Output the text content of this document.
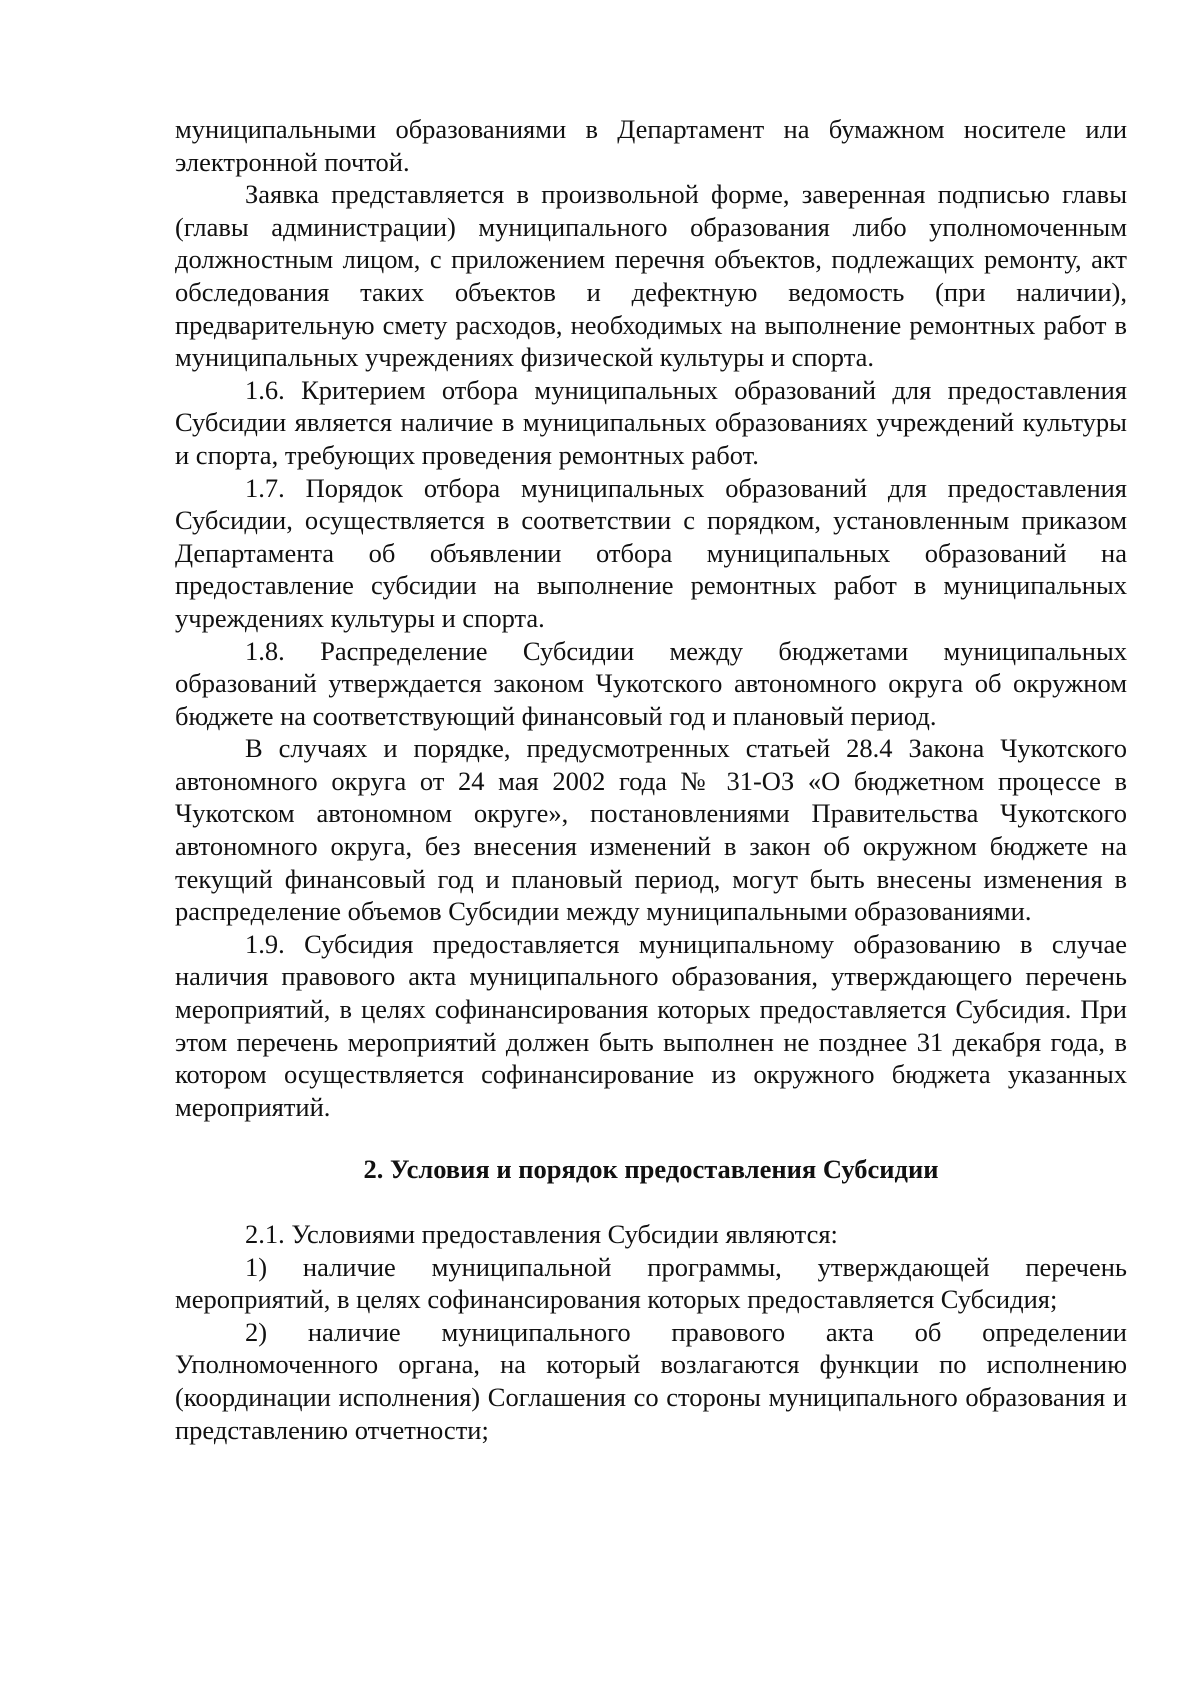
муниципальными образованиями в Департамент на бумажном носителе или электронной почтой.

Заявка представляется в произвольной форме, заверенная подписью главы (главы администрации) муниципального образования либо уполномоченным должностным лицом, с приложением перечня объектов, подлежащих ремонту, акт обследования таких объектов и дефектную ведомость (при наличии), предварительную смету расходов, необходимых на выполнение ремонтных работ в муниципальных учреждениях физической культуры и спорта.

1.6. Критерием отбора муниципальных образований для предоставления Субсидии является наличие в муниципальных образованиях учреждений культуры и спорта, требующих проведения ремонтных работ.

1.7. Порядок отбора муниципальных образований для предоставления Субсидии, осуществляется в соответствии с порядком, установленным приказом Департамента об объявлении отбора муниципальных образований на предоставление субсидии на выполнение ремонтных работ в муниципальных учреждениях культуры и спорта.

1.8. Распределение Субсидии между бюджетами муниципальных образований утверждается законом Чукотского автономного округа об окружном бюджете на соответствующий финансовый год и плановый период.

В случаях и порядке, предусмотренных статьей 28.4 Закона Чукотского автономного округа от 24 мая 2002 года № 31-ОЗ «О бюджетном процессе в Чукотском автономном округе», постановлениями Правительства Чукотского автономного округа, без внесения изменений в закон об окружном бюджете на текущий финансовый год и плановый период, могут быть внесены изменения в распределение объемов Субсидии между муниципальными образованиями.

1.9. Субсидия предоставляется муниципальному образованию в случае наличия правового акта муниципального образования, утверждающего перечень мероприятий, в целях софинансирования которых предоставляется Субсидия. При этом перечень мероприятий должен быть выполнен не позднее 31 декабря года, в котором осуществляется софинансирование из окружного бюджета указанных мероприятий.

2. Условия и порядок предоставления Субсидии

2.1. Условиями предоставления Субсидии являются:

1) наличие муниципальной программы, утверждающей перечень мероприятий, в целях софинансирования которых предоставляется Субсидия;

2) наличие муниципального правового акта об определении Уполномоченного органа, на который возлагаются функции по исполнению (координации исполнения) Соглашения со стороны муниципального образования и представлению отчетности;
